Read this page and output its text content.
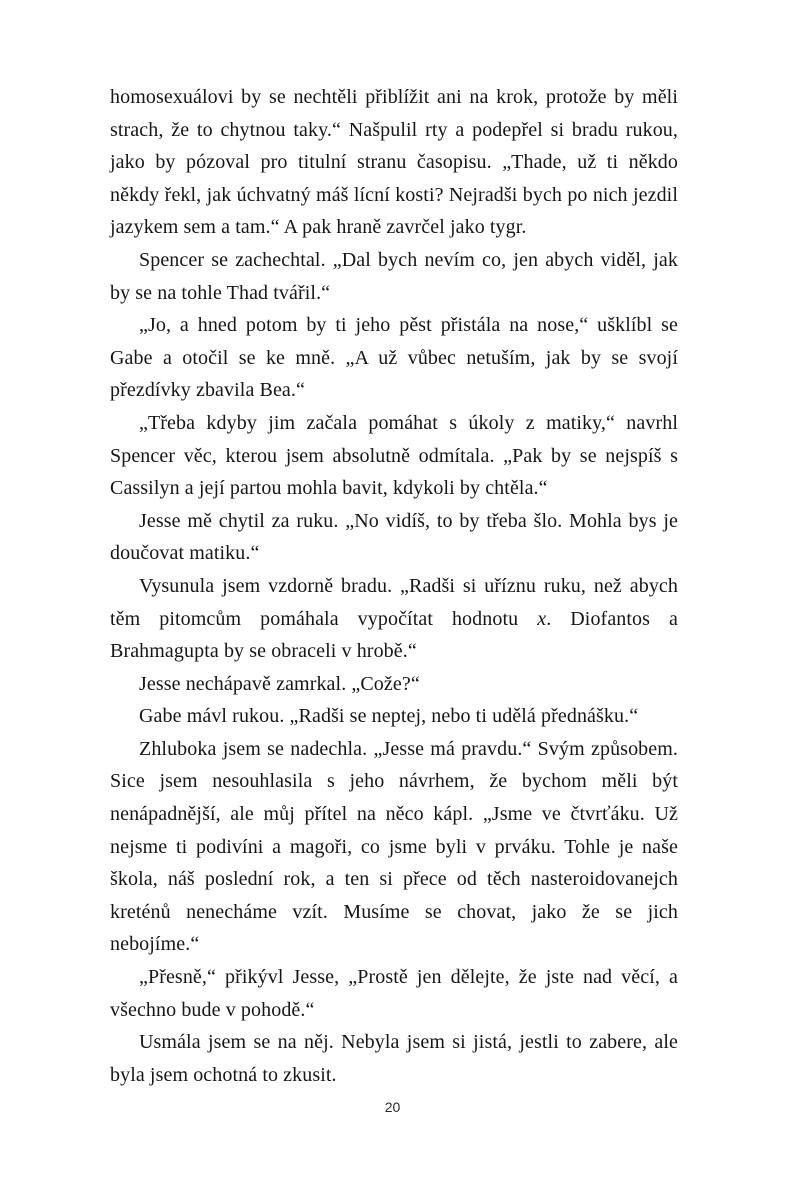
homosexuálovi by se nechtěli přiblížit ani na krok, protože by měli strach, že to chytnou taky.“ Našpulil rty a podepřel si bradu rukou, jako by pózoval pro titulní stranu časopisu. „Thade, už ti někdo někdy řekl, jak úchvatný máš lícní kosti? Nejradši bych po nich jezdil jazykem sem a tam.“ A pak hraně zavrčel jako tygr.

Spencer se zachechtal. „Dal bych nevím co, jen abych viděl, jak by se na tohle Thad tvářil.“

„Jo, a hned potom by ti jeho pěst přistála na nose,“ ušklíbl se Gabe a otočil se ke mně. „A už vůbec netuším, jak by se svojí přezdívky zbavila Bea.“

„Třeba kdyby jim začala pomáhat s úkoly z matiky,“ navrhl Spencer věc, kterou jsem absolutně odmítala. „Pak by se nejspíš s Cassilyn a její partou mohla bavit, kdykoli by chtěla.“

Jesse mě chytil za ruku. „No vidíš, to by třeba šlo. Mohla bys je doučovat matiku.“

Vysunula jsem vzdorně bradu. „Radši si uříznu ruku, než abych těm pitomcům pomáhala vypočítat hodnotu x. Diofantos a Brahmagupta by se obraceli v hrobě.“

Jesse nechápavě zamrkal. „Cože?“

Gabe mávl rukou. „Radši se neptej, nebo ti udělá přednášku.“

Zhluboka jsem se nadechla. „Jesse má pravdu.“ Svým způsobem. Sice jsem nesouhlasila s jeho návrhem, že bychom měli být nenápadnější, ale můj přítel na něco kápl. „Jsme ve čtvrťáku. Už nejsme ti podivíni a magoři, co jsme byli v prváku. Tohle je naše škola, náš poslední rok, a ten si přece od těch nasteroidovanejch kreténů nenecháme vzít. Musíme se chovat, jako že se jich nebojíme.“

„Přesně,“ přikývl Jesse, „Prostě jen dělejte, že jste nad věcí, a všechno bude v pohodě.“

Usmála jsem se na něj. Nebyla jsem si jistá, jestli to zabere, ale byla jsem ochotná to zkusit.

20
